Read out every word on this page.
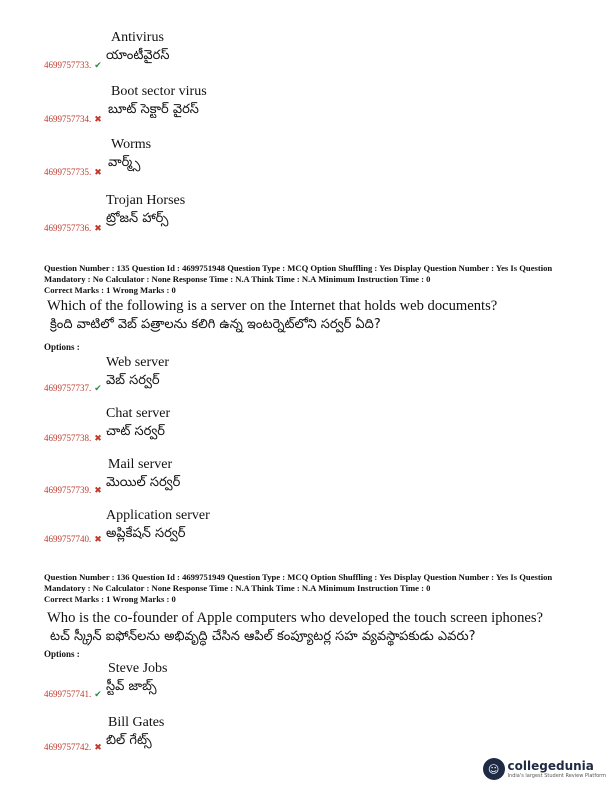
Antivirus
యాంటీవైరస్
4699757733. ✔
Boot sector virus
బూట్ సెక్టార్ వైరస్
4699757734. ✖
Worms
వార్మ్స్
4699757735. ✖
Trojan Horses
ట్రోజన్ హార్స్
4699757736. ✖
Question Number : 135 Question Id : 4699751948 Question Type : MCQ Option Shuffling : Yes Display Question Number : Yes Is Question
Mandatory : No Calculator : None Response Time : N.A Think Time : N.A Minimum Instruction Time : 0
Correct Marks : 1 Wrong Marks : 0
Which of the following is a server on the Internet that holds web documents?
క్రింది వాటిలో వెబ్ పత్రాలను కలిగి ఉన్న ఇంటర్నెట్‌లోని సర్వర్ ఏది?
Options :
Web server
వెబ్ సర్వర్
4699757737. ✔
Chat server
చాట్ సర్వర్
4699757738. ✖
Mail server
మెయిల్ సర్వర్
4699757739. ✖
Application server
అప్లికేషన్ సర్వర్
4699757740. ✖
Question Number : 136 Question Id : 4699751949 Question Type : MCQ Option Shuffling : Yes Display Question Number : Yes Is Question
Mandatory : No Calculator : None Response Time : N.A Think Time : N.A Minimum Instruction Time : 0
Correct Marks : 1 Wrong Marks : 0
Who is the co-founder of Apple computers who developed the touch screen iphones?
టచ్ స్క్రీన్ ఐఫోన్‌లను అభివృద్ధి చేసిన ఆపిల్ కంప్యూటర్ల సహ వ్యవస్థాపకుడు ఎవరు?
Options :
Steve Jobs
స్టీవ్ జాబ్స్
4699757741. ✔
Bill Gates
బిల్ గేట్స్
4699757742. ✖
☺ collegedunia
India's largest Student Review Platform
